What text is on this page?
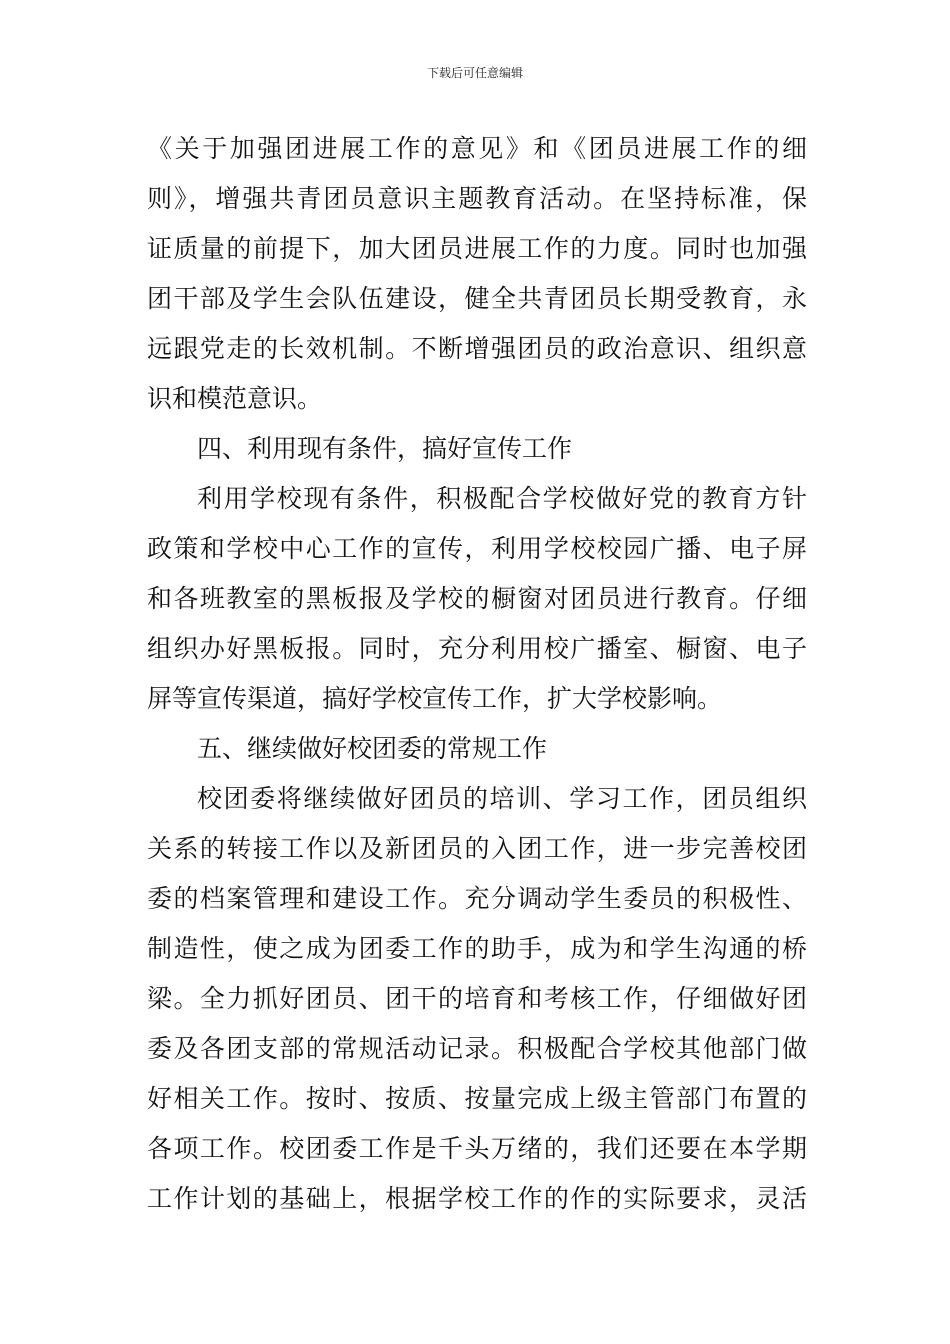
下载后可任意编辑
《关于加强团进展工作的意见》和《团员进展工作的细
则》，增强共青团员意识主题教育活动。在坚持标准，保
证质量的前提下，加大团员进展工作的力度。同时也加强
团干部及学生会队伍建设，健全共青团员长期受教育，永
远跟党走的长效机制。不断增强团员的政治意识、组织意
识和模范意识。
四、利用现有条件，搞好宣传工作
利用学校现有条件，积极配合学校做好党的教育方针
政策和学校中心工作的宣传，利用学校校园广播、电子屏
和各班教室的黑板报及学校的橱窗对团员进行教育。仔细
组织办好黑板报。同时，充分利用校广播室、橱窗、电子
屏等宣传渠道，搞好学校宣传工作，扩大学校影响。
五、继续做好校团委的常规工作
校团委将继续做好团员的培训、学习工作，团员组织
关系的转接工作以及新团员的入团工作，进一步完善校团
委的档案管理和建设工作。充分调动学生委员的积极性、
制造性，使之成为团委工作的助手，成为和学生沟通的桥
梁。全力抓好团员、团干的培育和考核工作，仔细做好团
委及各团支部的常规活动记录。积极配合学校其他部门做
好相关工作。按时、按质、按量完成上级主管部门布置的
各项工作。校团委工作是千头万绪的，我们还要在本学期
工作计划的基础上，根据学校工作的作的实际要求，灵活
